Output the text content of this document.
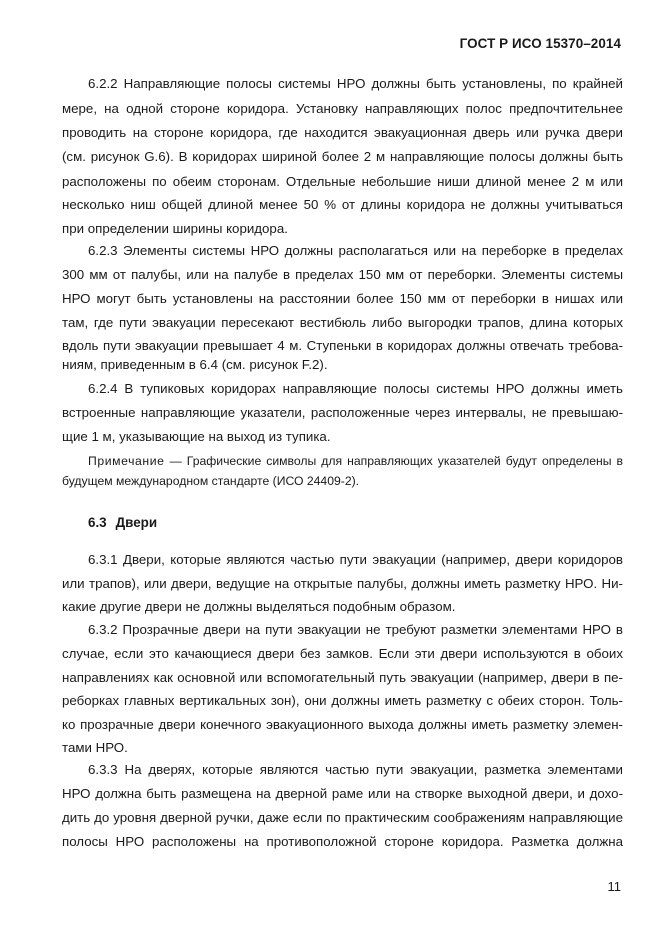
ГОСТ Р ИСО 15370–2014
6.2.2 Направляющие полосы системы НРО должны быть установлены, по крайней
мере, на одной стороне коридора. Установку направляющих полос предпочтительнее
проводить на стороне коридора, где находится эвакуационная дверь или ручка двери
(см. рисунок G.6). В коридорах шириной более 2 м направляющие полосы должны быть
расположены по обеим сторонам. Отдельные небольшие ниши длиной менее 2 м или
несколько ниш общей длиной менее 50 % от длины коридора не должны учитываться
при определении ширины коридора.
6.2.3 Элементы системы НРО должны располагаться или на переборке в пределах
300 мм от палубы, или на палубе в пределах 150 мм от переборки. Элементы системы
НРО могут быть установлены на расстоянии более 150 мм от переборки в нишах или
там, где пути эвакуации пересекают вестибюль либо выгородки трапов, длина которых
вдоль пути эвакуации превышает 4 м. Ступеньки в коридорах должны отвечать требова-
ниям, приведенным в 6.4 (см. рисунок F.2).
6.2.4 В тупиковых коридорах направляющие полосы системы НРО должны иметь
встроенные направляющие указатели, расположенные через интервалы, не превышаю-
щие 1 м, указывающие на выход из тупика.
Примечание — Графические символы для направляющих указателей будут определены в
будущем международном стандарте (ИСО 24409-2).
6.3 Двери
6.3.1 Двери, которые являются частью пути эвакуации (например, двери коридоров
или трапов), или двери, ведущие на открытые палубы, должны иметь разметку НРО. Ни-
какие другие двери не должны выделяться подобным образом.
6.3.2 Прозрачные двери на пути эвакуации не требуют разметки элементами НРО в
случае, если это качающиеся двери без замков. Если эти двери используются в обоих
направлениях как основной или вспомогательный путь эвакуации (например, двери в пе-
реборках главных вертикальных зон), они должны иметь разметку с обеих сторон. Толь-
ко прозрачные двери конечного эвакуационного выхода должны иметь разметку элемен-
тами НРО.
6.3.3 На дверях, которые являются частью пути эвакуации, разметка элементами
НРО должна быть размещена на дверной раме или на створке выходной двери, и дохо-
дить до уровня дверной ручки, даже если по практическим соображениям направляющие
полосы НРО расположены на противоположной стороне коридора. Разметка должна
11
